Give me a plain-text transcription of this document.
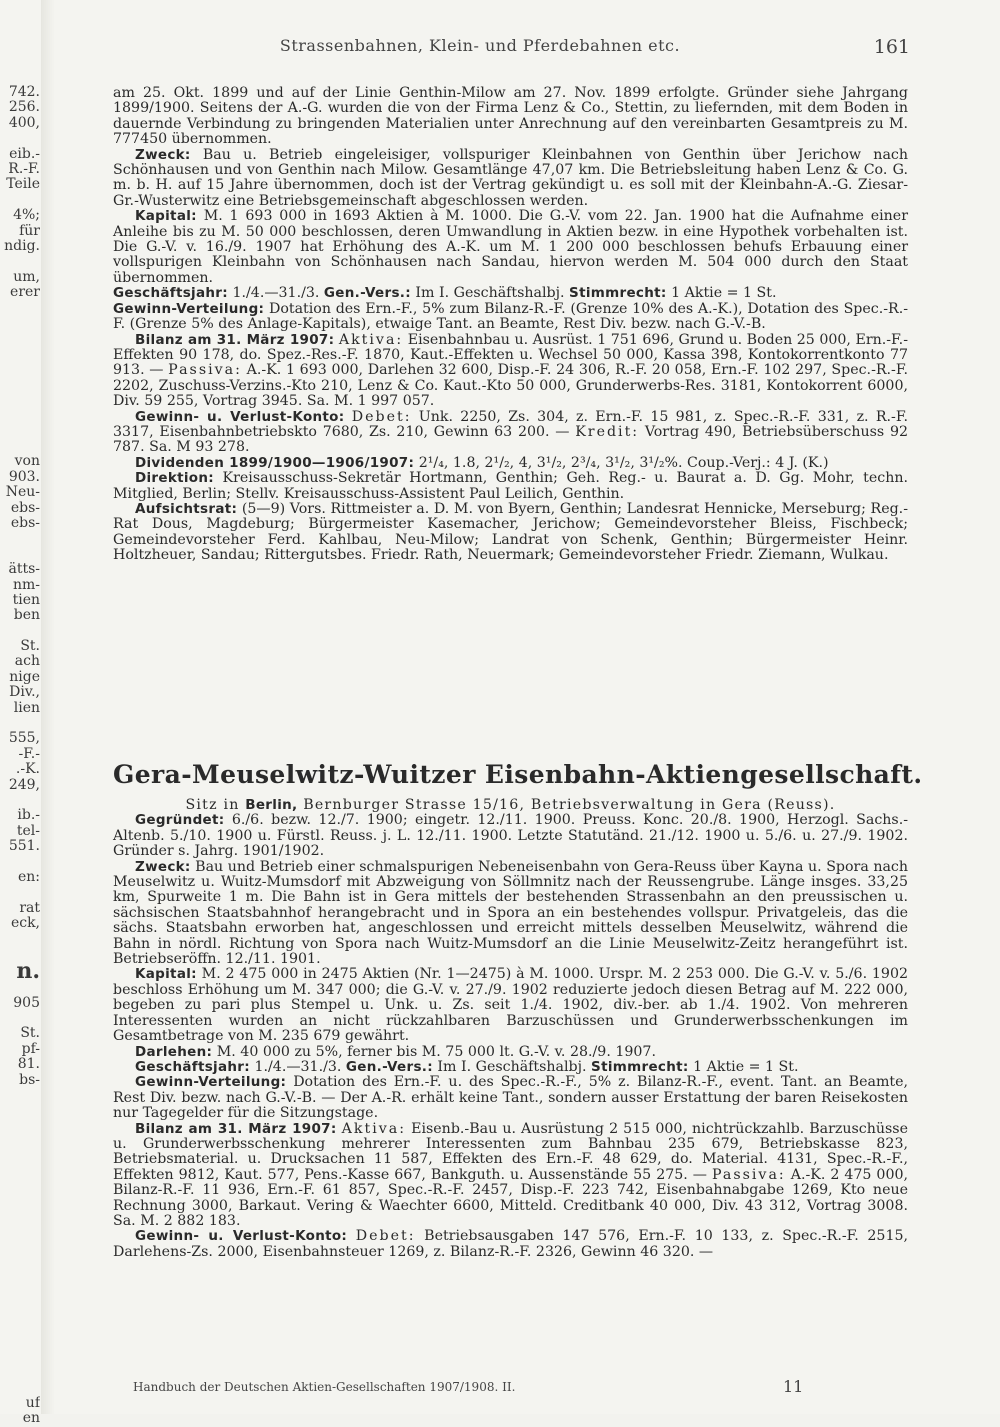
742.
256.
400,
eib.-
R.-F.
Teile
4%;
für
ndig.
um,
erer
von
903.
Neu-
ebs-
ebs-
ätts-
nm-
tien
ben
St.
ach
nige
Div.,
lien
555,
-F.-
.-K.
249,
ib.-
tel-
551.
en:
rat
eck,
n.
905
St.
pf-
81.
bs-
uf
en
Strassenbahnen, Klein- und Pferdebahnen etc.	161

am 25. Okt. 1899 und auf der Linie Genthin-Milow am 27. Nov. 1899 erfolgte. Gründer siehe Jahrgang 1899/1900. Seitens der A.-G. wurden die von der Firma Lenz & Co., Stettin, zu liefernden, mit dem Boden in dauernde Verbindung zu bringenden Materialien unter Anrechnung auf den vereinbarten Gesamtpreis zu M. 777450 übernommen.

Zweck: Bau u. Betrieb eingeleisiger, vollspuriger Kleinbahnen von Genthin über Jerichow nach Schönhausen und von Genthin nach Milow. Gesamtlänge 47,07 km. Die Betriebsleitung haben Lenz & Co. G. m. b. H. auf 15 Jahre übernommen, doch ist der Vertrag gekündigt u. es soll mit der Kleinbahn-A.-G. Ziesar-Gr.-Wusterwitz eine Betriebsgemeinschaft abgeschlossen werden.

Kapital: M. 1 693 000 in 1693 Aktien à M. 1000. Die G.-V. vom 22. Jan. 1900 hat die Aufnahme einer Anleihe bis zu M. 50 000 beschlossen, deren Umwandlung in Aktien bezw. in eine Hypothek vorbehalten ist. Die G.-V. v. 16./9. 1907 hat Erhöhung des A.-K. um M. 1 200 000 beschlossen behufs Erbauung einer vollspurigen Kleinbahn von Schönhausen nach Sandau, hiervon werden M. 504 000 durch den Staat übernommen.

Geschäftsjahr: 1./4.—31./3. Gen.-Vers.: Im I. Geschäftshalbj. Stimmrecht: 1 Aktie = 1 St.

Gewinn-Verteilung: Dotation des Ern.-F., 5% zum Bilanz-R.-F. (Grenze 10% des A.-K.), Dotation des Spec.-R.-F. (Grenze 5% des Anlage-Kapitals), etwaige Tant. an Beamte, Rest Div. bezw. nach G.-V.-B.

Bilanz am 31. März 1907: Aktiva: Eisenbahnbau u. Ausrüst. 1 751 696, Grund u. Boden 25 000, Ern.-F.-Effekten 90 178, do. Spez.-Res.-F. 1870, Kaut.-Effekten u. Wechsel 50 000, Kassa 398, Kontokorrentkonto 77 913. — Passiva: A.-K. 1 693 000, Darlehen 32 600, Disp.-F. 24 306, R.-F. 20 058, Ern.-F. 102 297, Spec.-R.-F. 2202, Zuschuss-Verzins.-Kto 210, Lenz & Co. Kaut.-Kto 50 000, Grunderwerbs-Res. 3181, Kontokorrent 6000, Div. 59 255, Vortrag 3945. Sa. M. 1 997 057.

Gewinn- u. Verlust-Konto: Debet: Unk. 2250, Zs. 304, z. Ern.-F. 15 981, z. Spec.-R.-F. 331, z. R.-F. 3317, Eisenbahnbetriebskto 7680, Zs. 210, Gewinn 63 200. — Kredit: Vortrag 490, Betriebsüberschuss 92 787. Sa. M 93 278.

Dividenden 1899/1900—1906/1907: 2¹/₄, 1.8, 2¹/₂, 4, 3¹/₂, 2³/₄, 3¹/₂, 3¹/₂%. Coup.-Verj.: 4 J. (K.)

Direktion: Kreisausschuss-Sekretär Hortmann, Genthin; Geh. Reg.- u. Baurat a. D. Gg. Mohr, techn. Mitglied, Berlin; Stellv. Kreisausschuss-Assistent Paul Leilich, Genthin.

Aufsichtsrat: (5—9) Vors. Rittmeister a. D. M. von Byern, Genthin; Landesrat Hennicke, Merseburg; Reg.-Rat Dous, Magdeburg; Bürgermeister Kasemacher, Jerichow; Gemeindevorsteher Bleiss, Fischbeck; Gemeindevorsteher Ferd. Kahlbau, Neu-Milow; Landrat von Schenk, Genthin; Bürgermeister Heinr. Holtzheuer, Sandau; Rittergutsbes. Friedr. Rath, Neuermark; Gemeindevorsteher Friedr. Ziemann, Wulkau.

Gera-Meuselwitz-Wuitzer Eisenbahn-Aktiengesellschaft.

Sitz in Berlin, Bernburger Strasse 15/16, Betriebsverwaltung in Gera (Reuss).

Gegründet: 6./6. bezw. 12./7. 1900; eingetr. 12./11. 1900. Preuss. Konc. 20./8. 1900, Herzogl. Sachs.-Altenb. 5./10. 1900 u. Fürstl. Reuss. j. L. 12./11. 1900. Letzte Statutänd. 21./12. 1900 u. 5./6. u. 27./9. 1902. Gründer s. Jahrg. 1901/1902.

Zweck: Bau und Betrieb einer schmalspurigen Nebeneisenbahn von Gera-Reuss über Kayna u. Spora nach Meuselwitz u. Wuitz-Mumsdorf mit Abzweigung von Söllmnitz nach der Reussengrube. Länge insges. 33,25 km, Spurweite 1 m. Die Bahn ist in Gera mittels der bestehenden Strassenbahn an den preussischen u. sächsischen Staatsbahnhof herangebracht und in Spora an ein bestehendes vollspur. Privatgeleis, das die sächs. Staatsbahn erworben hat, angeschlossen und erreicht mittels desselben Meuselwitz, während die Bahn in nördl. Richtung von Spora nach Wuitz-Mumsdorf an die Linie Meuselwitz-Zeitz herangeführt ist. Betriebseröffn. 12./11. 1901.

Kapital: M. 2 475 000 in 2475 Aktien (Nr. 1—2475) à M. 1000. Urspr. M. 2 253 000. Die G.-V. v. 5./6. 1902 beschloss Erhöhung um M. 347 000; die G.-V. v. 27./9. 1902 reduzierte jedoch diesen Betrag auf M. 222 000, begeben zu pari plus Stempel u. Unk. u. Zs. seit 1./4. 1902, div.-ber. ab 1./4. 1902. Von mehreren Interessenten wurden an nicht rückzahlbaren Barzuschüssen und Grunderwerbsschenkungen im Gesamtbetrage von M. 235 679 gewährt.

Darlehen: M. 40 000 zu 5%, ferner bis M. 75 000 lt. G.-V. v. 28./9. 1907.

Geschäftsjahr: 1./4.—31./3. Gen.-Vers.: Im I. Geschäftshalbj. Stimmrecht: 1 Aktie = 1 St.

Gewinn-Verteilung: Dotation des Ern.-F. u. des Spec.-R.-F., 5% z. Bilanz-R.-F., event. Tant. an Beamte, Rest Div. bezw. nach G.-V.-B. — Der A.-R. erhält keine Tant., sondern ausser Erstattung der baren Reisekosten nur Tagegelder für die Sitzungstage.

Bilanz am 31. März 1907: Aktiva: Eisenb.-Bau u. Ausrüstung 2 515 000, nichtrückzahlb. Barzuschüsse u. Grunderwerbsschenkung mehrerer Interessenten zum Bahnbau 235 679, Betriebskasse 823, Betriebsmaterial. u. Drucksachen 11 587, Effekten des Ern.-F. 48 629, do. Material. 4131, Spec.-R.-F., Effekten 9812, Kaut. 577, Pens.-Kasse 667, Bankguth. u. Aussenstände 55 275. — Passiva: A.-K. 2 475 000, Bilanz-R.-F. 11 936, Ern.-F. 61 857, Spec.-R.-F. 2457, Disp.-F. 223 742, Eisenbahnabgabe 1269, Kto neue Rechnung 3000, Barkaut. Vering & Waechter 6600, Mitteld. Creditbank 40 000, Div. 43 312, Vortrag 3008. Sa. M. 2 882 183.

Gewinn- u. Verlust-Konto: Debet: Betriebsausgaben 147 576, Ern.-F. 10 133, z. Spec.-R.-F. 2515, Darlehens-Zs. 2000, Eisenbahnsteuer 1269, z. Bilanz-R.-F. 2326, Gewinn 46 320. —

Handbuch der Deutschen Aktien-Gesellschaften 1907/1908. II.	11
